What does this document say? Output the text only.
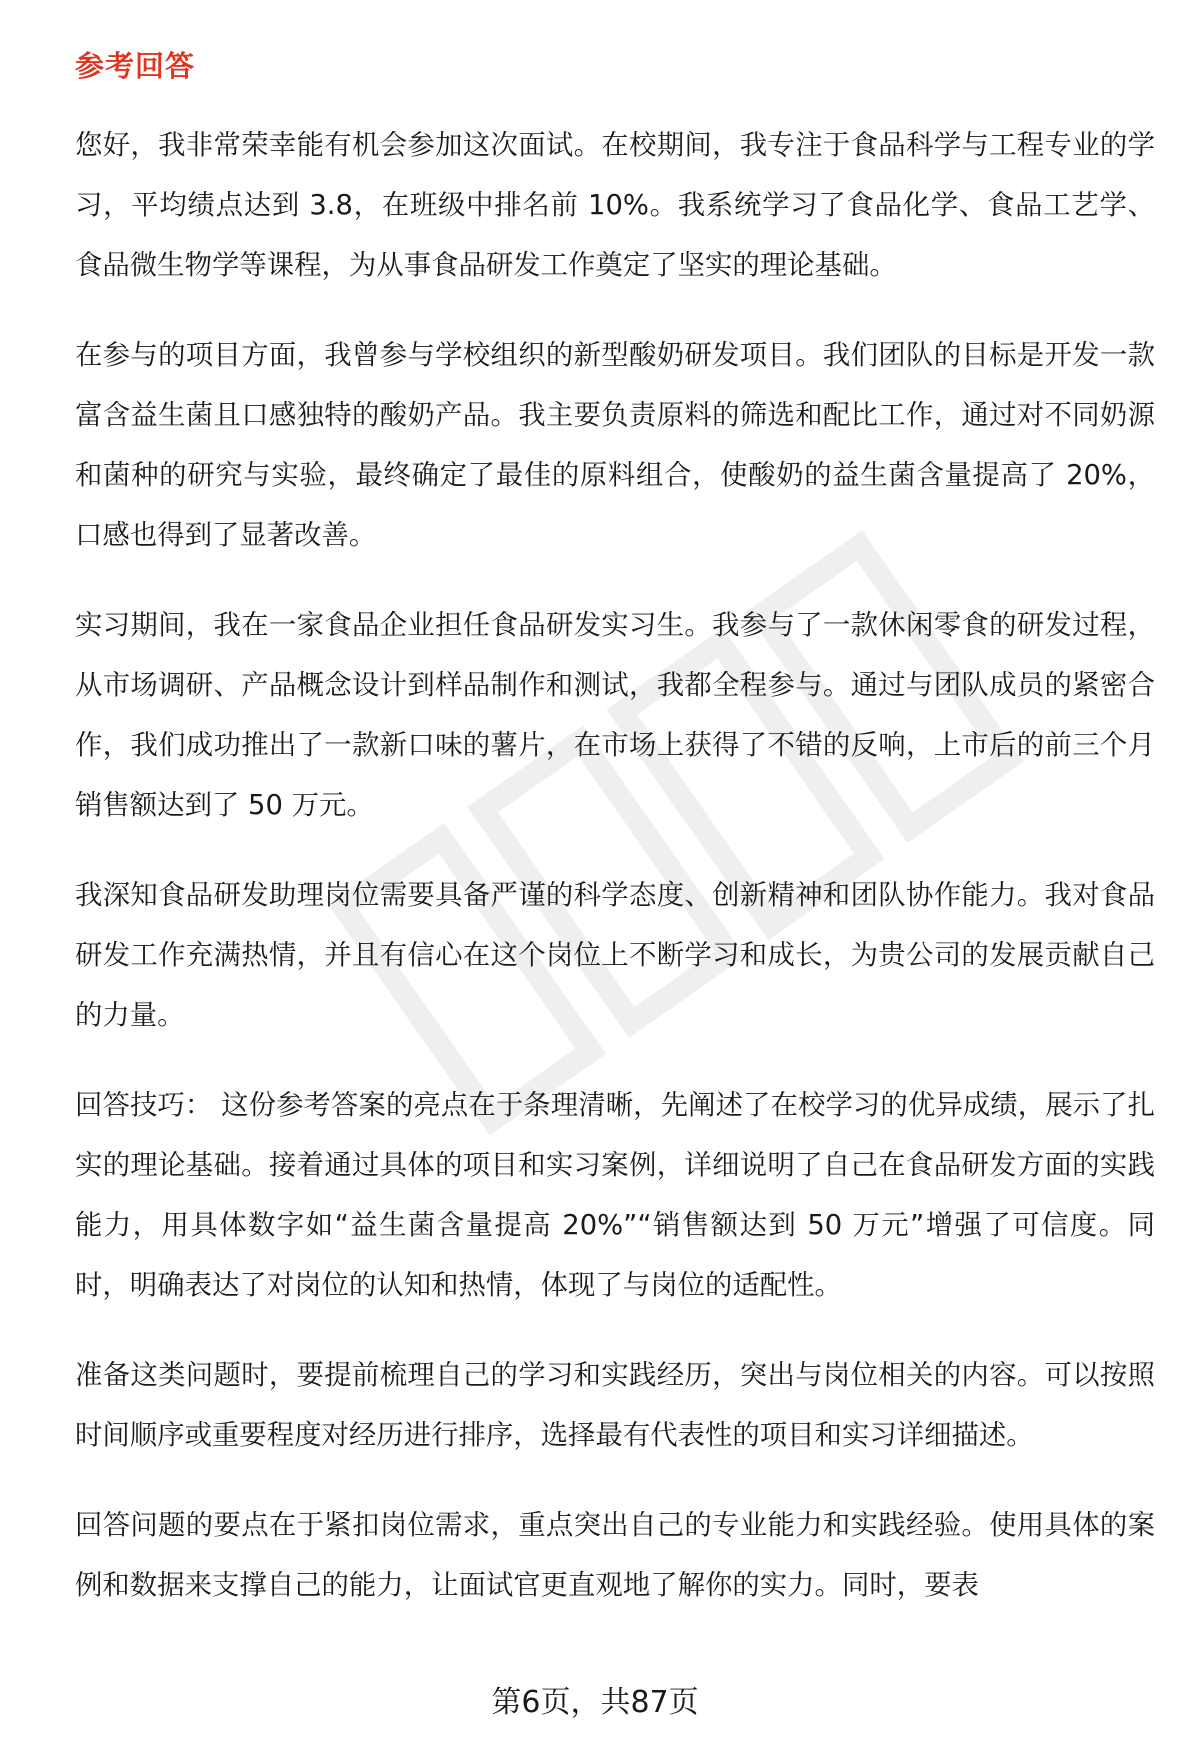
参考回答

您好，我非常荣幸能有机会参加这次面试。在校期间，我专注于食品科学与工程专业的学习，平均绩点达到 3.8，在班级中排名前 10%。我系统学习了食品化学、食品工艺学、食品微生物学等课程，为从事食品研发工作奠定了坚实的理论基础。

在参与的项目方面，我曾参与学校组织的新型酸奶研发项目。我们团队的目标是开发一款富含益生菌且口感独特的酸奶产品。我主要负责原料的筛选和配比工作，通过对不同奶源和菌种的研究与实验，最终确定了最佳的原料组合，使酸奶的益生菌含量提高了 20%，口感也得到了显著改善。

实习期间，我在一家食品企业担任食品研发实习生。我参与了一款休闲零食的研发过程，从市场调研、产品概念设计到样品制作和测试，我都全程参与。通过与团队成员的紧密合作，我们成功推出了一款新口味的薯片，在市场上获得了不错的反响，上市后的前三个月销售额达到了 50 万元。

我深知食品研发助理岗位需要具备严谨的科学态度、创新精神和团队协作能力。我对食品研发工作充满热情，并且有信心在这个岗位上不断学习和成长，为贵公司的发展贡献自己的力量。

回答技巧： 这份参考答案的亮点在于条理清晰，先阐述了在校学习的优异成绩，展示了扎实的理论基础。接着通过具体的项目和实习案例，详细说明了自己在食品研发方面的实践能力，用具体数字如“益生菌含量提高 20%”“销售额达到 50 万元”增强了可信度。同时，明确表达了对岗位的认知和热情，体现了与岗位的适配性。

准备这类问题时，要提前梳理自己的学习和实践经历，突出与岗位相关的内容。可以按照时间顺序或重要程度对经历进行排序，选择最有代表性的项目和实习详细描述。

回答问题的要点在于紧扣岗位需求，重点突出自己的专业能力和实践经验。使用具体的案例和数据来支撑自己的能力，让面试官更直观地了解你的实力。同时，要表

第6页，共87页
